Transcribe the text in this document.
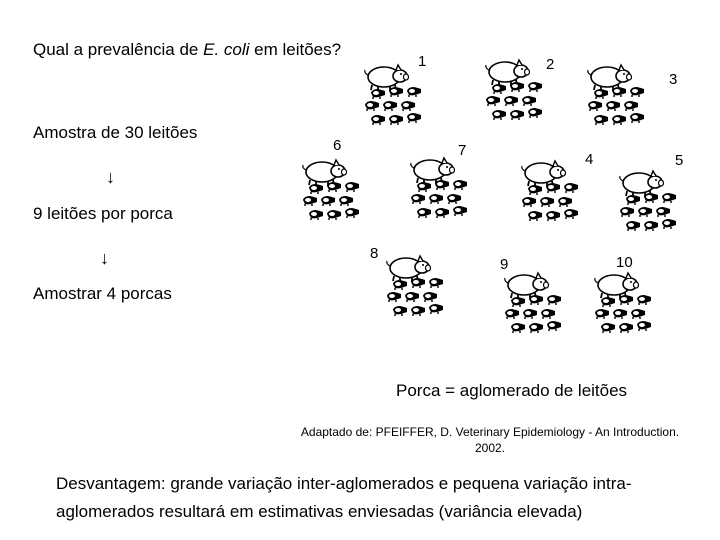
Qual a prevalência de E. coli em leitões?
Amostra de 30 leitões
↓
9 leitões por porca
↓
Amostrar 4 porcas
1	2
3
4	5
6	7
8
9	10
Porca = aglomerado de leitões
Adaptado de: PFEIFFER, D. Veterinary Epidemiology - An Introduction. 2002.
Desvantagem: grande variação inter-aglomerados e pequena variação intra-aglomerados resultará em estimativas enviesadas (variância elevada)
